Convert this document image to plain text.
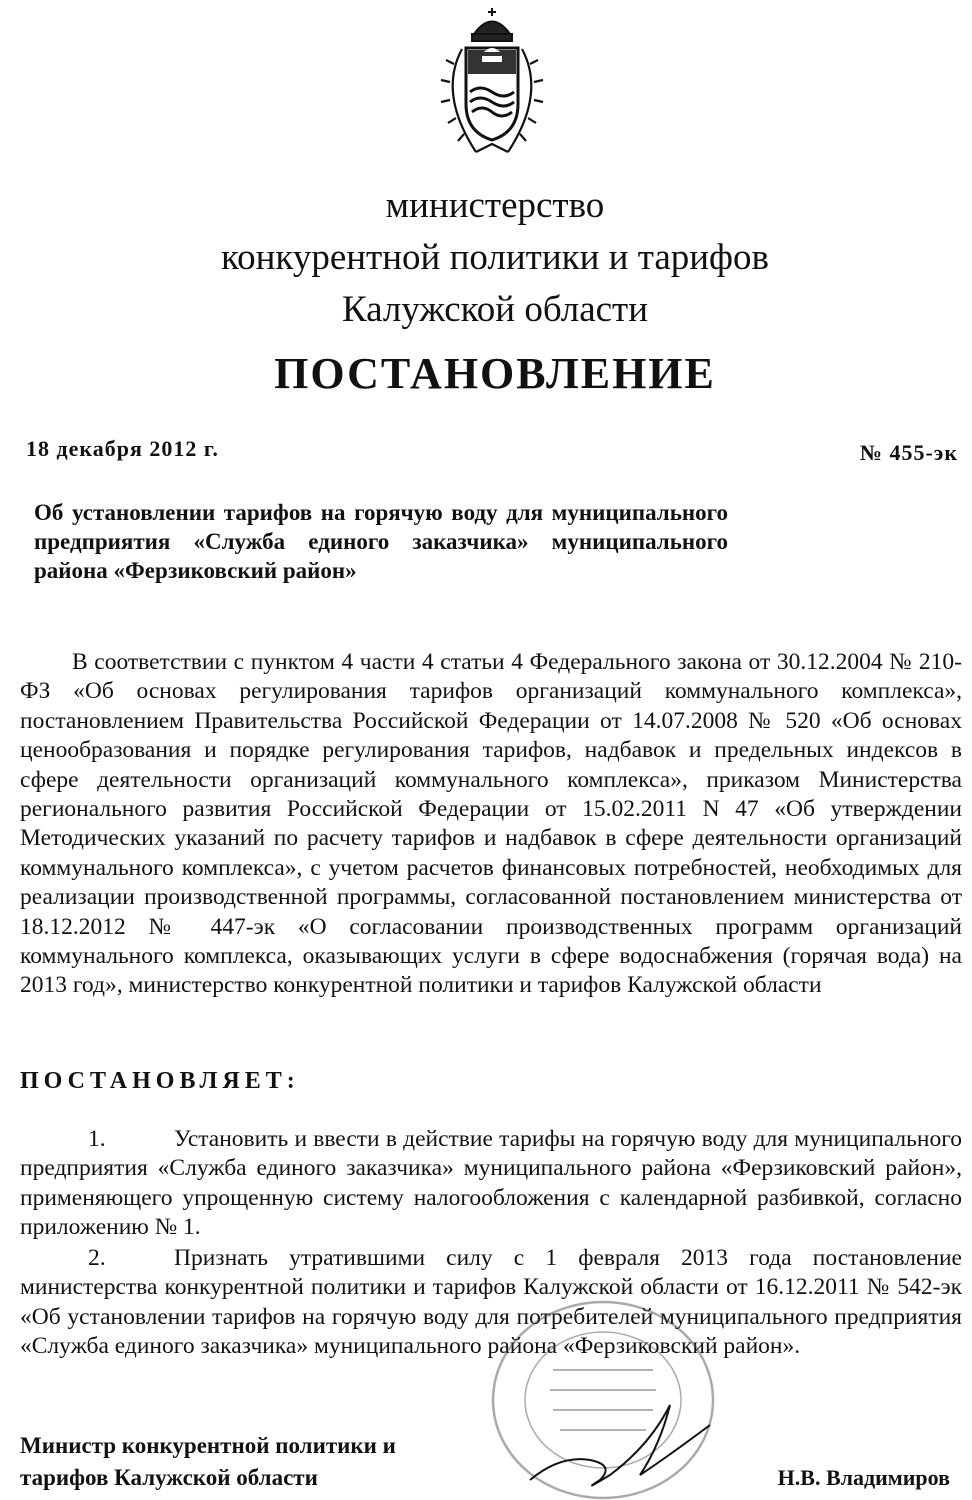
министерство
конкурентной политики и тарифов
Калужской области
ПОСТАНОВЛЕНИЕ
18 декабря 2012 г.	№ 455-эк
Об установлении тарифов на горячую воду для муниципального предприятия «Служба единого заказчика» муниципального района «Ферзиковский район»
В соответствии с пунктом 4 части 4 статьи 4 Федерального закона от 30.12.2004 № 210-ФЗ «Об основах регулирования тарифов организаций коммунального комплекса», постановлением Правительства Российской Федерации от 14.07.2008 № 520 «Об основах ценообразования и порядке регулирования тарифов, надбавок и предельных индексов в сфере деятельности организаций коммунального комплекса», приказом Министерства регионального развития Российской Федерации от 15.02.2011 N 47 «Об утверждении Методических указаний по расчету тарифов и надбавок в сфере деятельности организаций коммунального комплекса», с учетом расчетов финансовых потребностей, необходимых для реализации производственной программы, согласованной постановлением министерства от 18.12.2012 № 447-эк «О согласовании производственных программ организаций коммунального комплекса, оказывающих услуги в сфере водоснабжения (горячая вода) на 2013 год», министерство конкурентной политики и тарифов Калужской области
ПОСТАНОВЛЯЕТ:
1.	Установить и ввести в действие тарифы на горячую воду для муниципального предприятия «Служба единого заказчика» муниципального района «Ферзиковский район», применяющего упрощенную систему налогообложения с календарной разбивкой, согласно приложению № 1.
2.	Признать утратившими силу с 1 февраля 2013 года постановление министерства конкурентной политики и тарифов Калужской области от 16.12.2011 № 542-эк «Об установлении тарифов на горячую воду для потребителей муниципального предприятия «Служба единого заказчика» муниципального района «Ферзиковский район».
Министр конкурентной политики и
тарифов Калужской области	Н.В. Владимиров
